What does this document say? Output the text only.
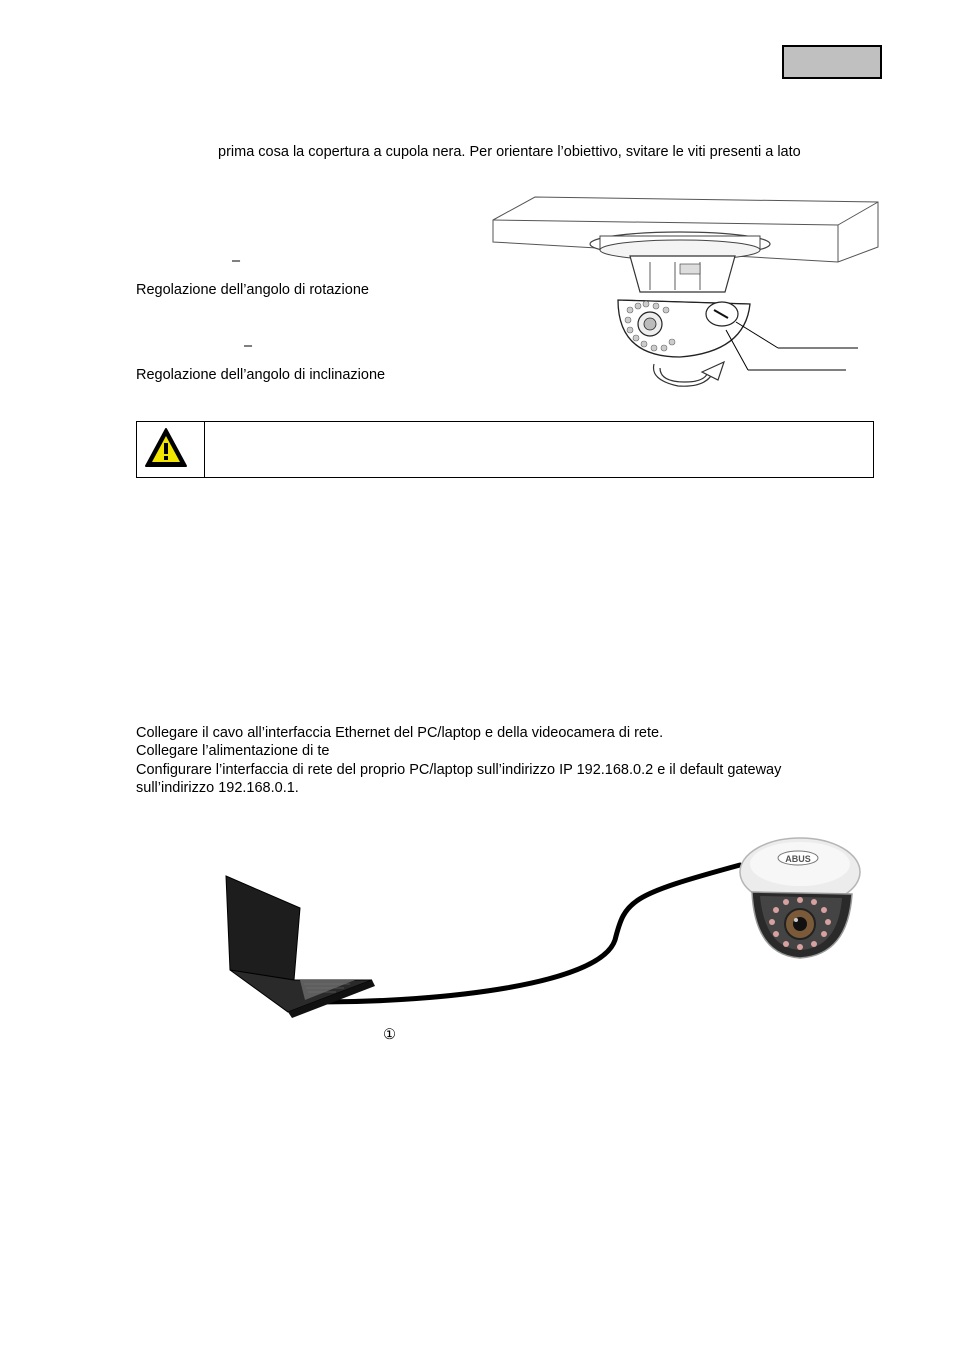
prima cosa la copertura a cupola nera. Per orientare l’obiettivo, svitare le viti presenti a lato
–
Regolazione dell’angolo di rotazione
–
Regolazione dell’angolo di inclinazione
Collegare il cavo all’interfaccia Ethernet del PC/laptop e della videocamera di rete.
Collegare l’alimentazione di te
Configurare l’interfaccia di rete del proprio PC/laptop sull’indirizzo IP 192.168.0.2 e il default gateway
sull’indirizzo 192.168.0.1.
ABUS
①
